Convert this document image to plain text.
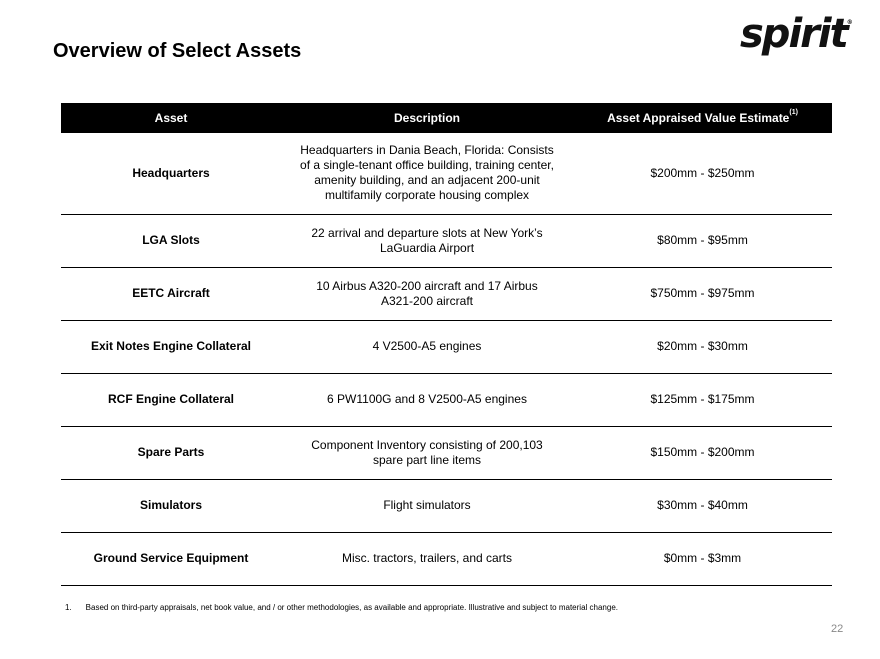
Overview of Select Assets	spirit®
Asset	Description	Asset Appraised Value Estimate$^{(1)}$
Headquarters	Headquarters in Dania Beach, Florida: Consists of a single-tenant office building, training center, amenity building, and an adjacent 200-unit multifamily corporate housing complex	$200mm - $250mm
LGA Slots	22 arrival and departure slots at New York’s LaGuardia Airport	$80mm - $95mm
EETC Aircraft	10 Airbus A320-200 aircraft and 17 Airbus A321-200 aircraft	$750mm - $975mm
Exit Notes Engine Collateral	4 V2500-A5 engines	$20mm - $30mm
RCF Engine Collateral	6 PW1100G and 8 V2500-A5 engines	$125mm - $175mm
Spare Parts	Component Inventory consisting of 200,103 spare part line items	$150mm - $200mm
Simulators	Flight simulators	$30mm - $40mm
Ground Service Equipment	Misc. tractors, trailers, and carts	$0mm - $3mm
1. Based on third-party appraisals, net book value, and / or other methodologies, as available and appropriate. Illustrative and subject to material change.
22
